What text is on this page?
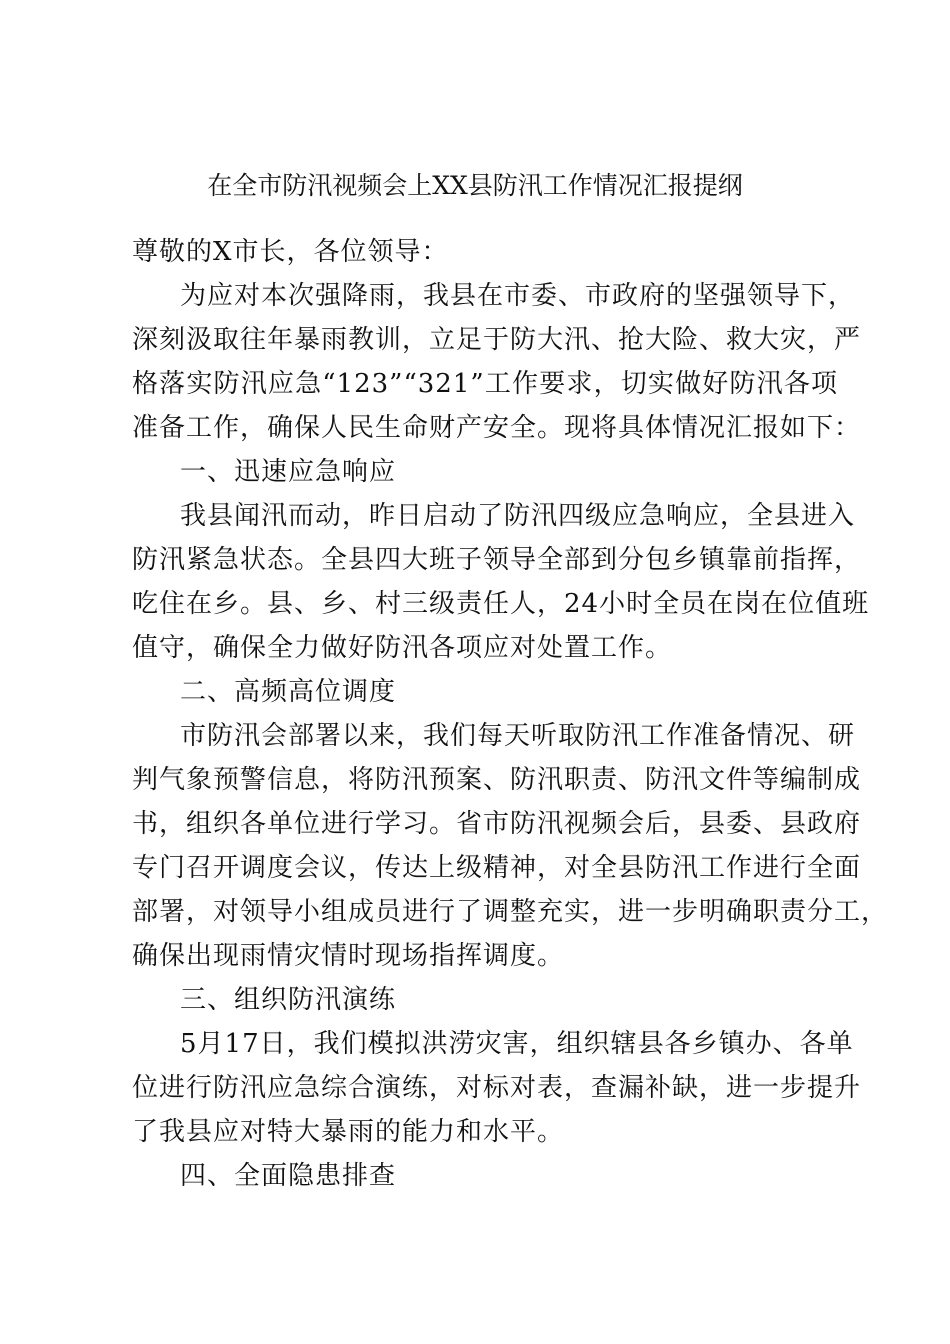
在全市防汛视频会上XX县防汛工作情况汇报提纲
尊敬的X市长，各位领导：
为应对本次强降雨，我县在市委、市政府的坚强领导下，
深刻汲取往年暴雨教训，立足于防大汛、抢大险、救大灾，严
格落实防汛应急“123”“321”工作要求，切实做好防汛各项
准备工作，确保人民生命财产安全。现将具体情况汇报如下：
一、迅速应急响应
我县闻汛而动，昨日启动了防汛四级应急响应，全县进入
防汛紧急状态。全县四大班子领导全部到分包乡镇靠前指挥，
吃住在乡。县、乡、村三级责任人，24小时全员在岗在位值班
值守，确保全力做好防汛各项应对处置工作。
二、高频高位调度
市防汛会部署以来，我们每天听取防汛工作准备情况、研
判气象预警信息，将防汛预案、防汛职责、防汛文件等编制成
书，组织各单位进行学习。省市防汛视频会后，县委、县政府
专门召开调度会议，传达上级精神，对全县防汛工作进行全面
部署，对领导小组成员进行了调整充实，进一步明确职责分工，
确保出现雨情灾情时现场指挥调度。
三、组织防汛演练
5月17日，我们模拟洪涝灾害，组织辖县各乡镇办、各单
位进行防汛应急综合演练，对标对表，查漏补缺，进一步提升
了我县应对特大暴雨的能力和水平。
四、全面隐患排查
